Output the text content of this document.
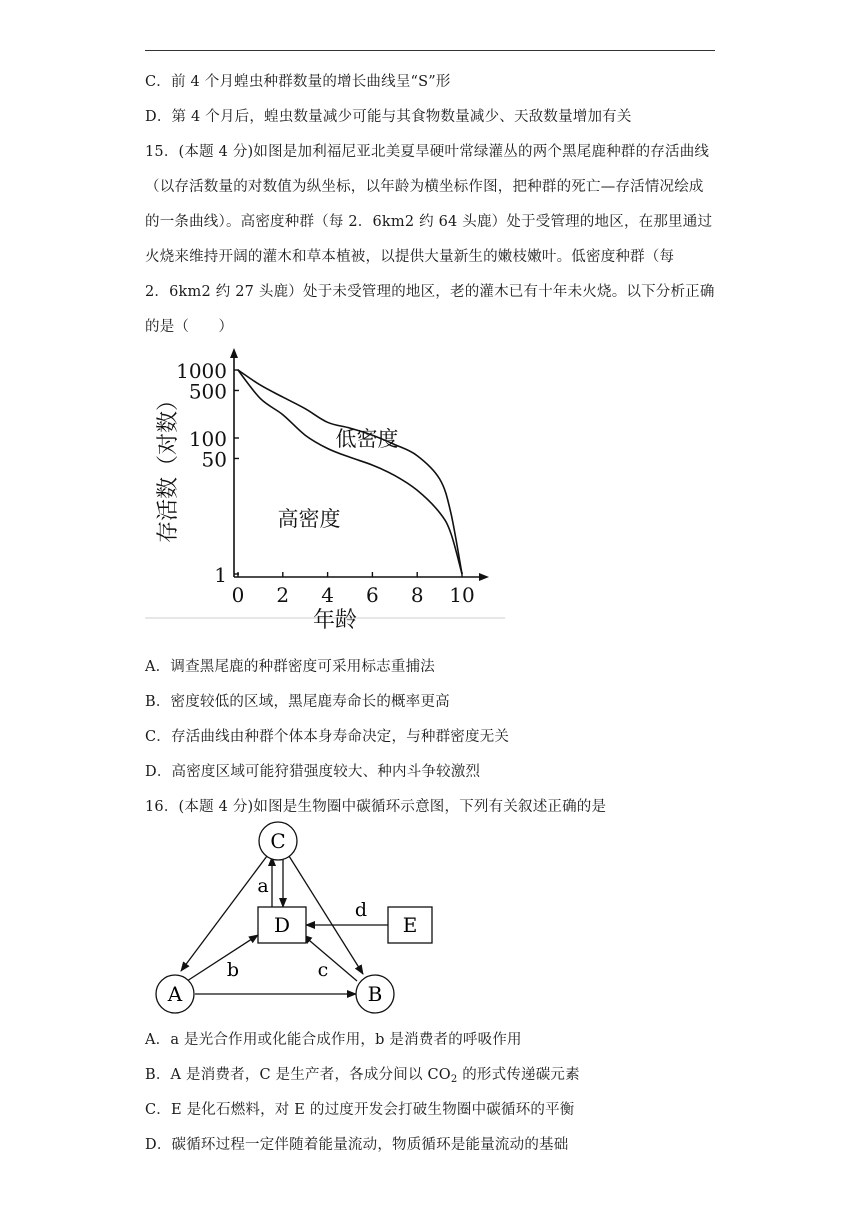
C．前 4 个月蝗虫种群数量的增长曲线呈“S”形
D．第 4 个月后，蝗虫数量减少可能与其食物数量减少、天敌数量增加有关
15．(本题 4 分)如图是加利福尼亚北美夏旱硬叶常绿灌丛的两个黑尾鹿种群的存活曲线
（以存活数量的对数值为纵坐标，以年龄为横坐标作图，把种群的死亡—存活情况绘成
的一条曲线）。高密度种群（每 2．6km2 约 64 头鹿）处于受管理的地区，在那里通过
火烧来维持开阔的灌木和草本植被，以提供大量新生的嫩枝嫩叶。低密度种群（每
2．6km2 约 27 头鹿）处于未受管理的地区，老的灌木已有十年未火烧。以下分析正确
的是（　　）
1
50
100
500
1000
0 2 4 6 8 10
低密度
高密度
存活数（对数）
年龄
A．调查黑尾鹿的种群密度可采用标志重捕法
B．密度较低的区域，黑尾鹿寿命长的概率更高
C．存活曲线由种群个体本身寿命决定，与种群密度无关
D．高密度区域可能狩猎强度较大、种内斗争较激烈
16．(本题 4 分)如图是生物圈中碳循环示意图，下列有关叙述正确的是
C
D	E
A	B
a
b	c
d
A．a 是光合作用或化能合成作用，b 是消费者的呼吸作用
B．A 是消费者，C 是生产者，各成分间以 $CO_2$ 的形式传递碳元素
C．E 是化石燃料，对 E 的过度开发会打破生物圈中碳循环的平衡
D．碳循环过程一定伴随着能量流动，物质循环是能量流动的基础
